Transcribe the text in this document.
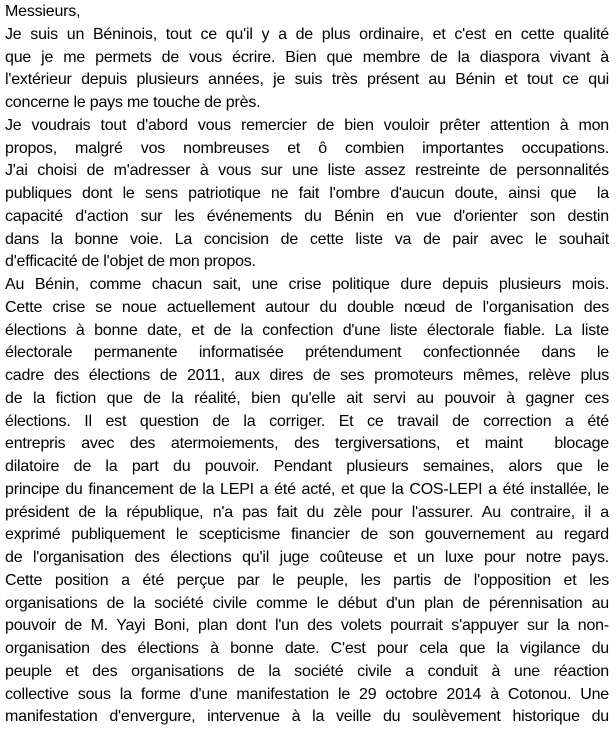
Messieurs,
Je suis un Béninois, tout ce qu'il y a de plus ordinaire, et c'est en cette qualité
que je me permets de vous écrire. Bien que membre de la diaspora vivant à
l'extérieur depuis plusieurs années, je suis très présent au Bénin et tout ce qui
concerne le pays me touche de près.
Je voudrais tout d'abord vous remercier de bien vouloir prêter attention à mon
propos, malgré vos nombreuses et ô combien importantes occupations.
J'ai choisi de m'adresser à vous sur une liste assez restreinte de personnalités
publiques dont le sens patriotique ne fait l'ombre d'aucun doute, ainsi que  la
capacité d'action sur les événements du Bénin en vue d'orienter son destin
dans la bonne voie. La concision de cette liste va de pair avec le souhait
d'efficacité de l'objet de mon propos.
Au Bénin, comme chacun sait, une crise politique dure depuis plusieurs mois.
Cette crise se noue actuellement autour du double nœud de l'organisation des
élections à bonne date, et de la confection d'une liste électorale fiable. La liste
électorale permanente informatisée prétendument confectionnée dans le
cadre des élections de 2011, aux dires de ses promoteurs mêmes, relève plus
de la fiction que de la réalité, bien qu'elle ait servi au pouvoir à gagner ces
élections. Il est question de la corriger. Et ce travail de correction a été
entrepris avec des atermoiements, des tergiversations, et maint  blocage
dilatoire de la part du pouvoir. Pendant plusieurs semaines, alors que le
principe du financement de la LEPI a été acté, et que la COS-LEPI a été installée, le
président de la république, n'a pas fait du zèle pour l'assurer. Au contraire, il a
exprimé publiquement le scepticisme financier de son gouvernement au regard
de l'organisation des élections qu'il juge coûteuse et un luxe pour notre pays.
Cette position a été perçue par le peuple, les partis de l'opposition et les
organisations de la société civile comme le début d'un plan de pérennisation au
pouvoir de M. Yayi Boni, plan dont l'un des volets pourrait s'appuyer sur la non-
organisation des élections à bonne date. C'est pour cela que la vigilance du
peuple et des organisations de la société civile a conduit à une réaction
collective sous la forme d'une manifestation le 29 octobre 2014 à Cotonou. Une
manifestation d'envergure, intervenue à la veille du soulèvement historique du
